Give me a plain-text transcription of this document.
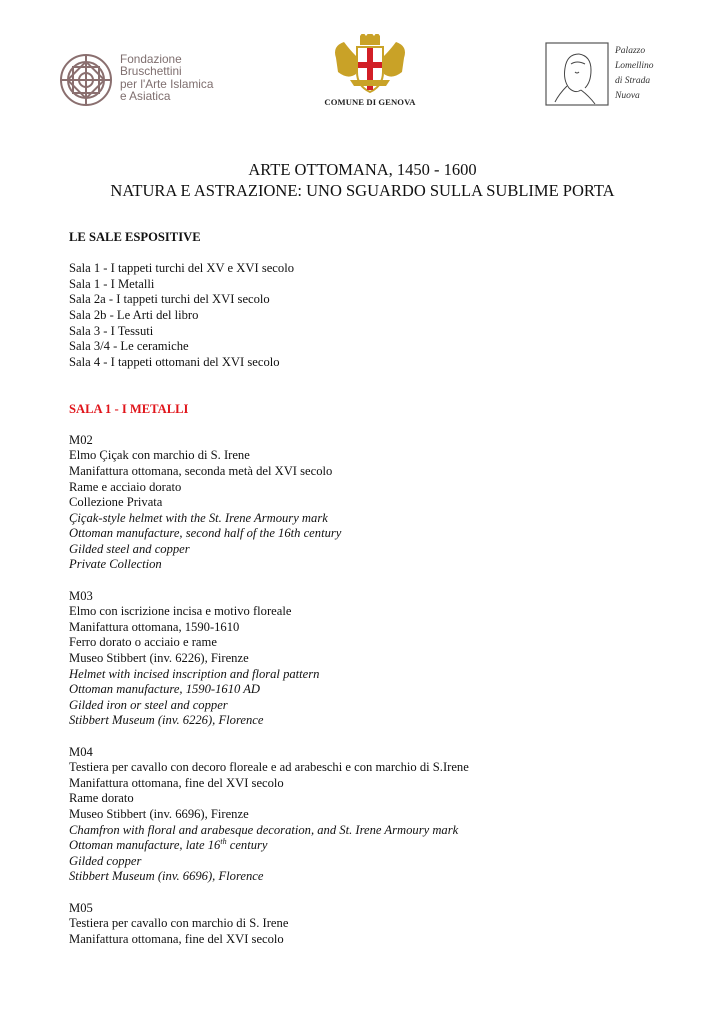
Fondazione
Bruschettini
per l'Arte Islamica
e Asiatica	COMUNE DI GENOVA
Palazzo
Lomellino
di Strada
Nuova
ARTE OTTOMANA, 1450 - 1600
NATURA E ASTRAZIONE: UNO SGUARDO SULLA SUBLIME PORTA
LE SALE ESPOSITIVE
Sala 1 - I tappeti turchi del XV e XVI secolo
Sala 1 - I Metalli
Sala 2a - I tappeti turchi del XVI secolo
Sala 2b - Le Arti del libro
Sala 3 - I Tessuti
Sala 3/4 - Le ceramiche
Sala 4 - I tappeti ottomani del XVI secolo
SALA 1 - I METALLI
M02
Elmo Çiçak con marchio di S. Irene
Manifattura ottomana, seconda metà del XVI secolo
Rame e acciaio dorato
Collezione Privata
Çiçak-style helmet with the St. Irene Armoury mark
Ottoman manufacture, second half of the 16th century
Gilded steel and copper
Private Collection
M03
Elmo con iscrizione incisa e motivo floreale
Manifattura ottomana, 1590-1610
Ferro dorato o acciaio e rame
Museo Stibbert (inv. 6226), Firenze
Helmet with incised inscription and floral pattern
Ottoman manufacture, 1590-1610 AD
Gilded iron or steel and copper
Stibbert Museum (inv. 6226), Florence
M04
Testiera per cavallo con decoro floreale e ad arabeschi e con marchio di S.Irene
Manifattura ottomana, fine del XVI secolo
Rame dorato
Museo Stibbert (inv. 6696), Firenze
Chamfron with floral and arabesque decoration, and St. Irene Armoury mark
Ottoman manufacture, late 16th century
Gilded copper
Stibbert Museum (inv. 6696), Florence
M05
Testiera per cavallo con marchio di S. Irene
Manifattura ottomana, fine del XVI secolo
